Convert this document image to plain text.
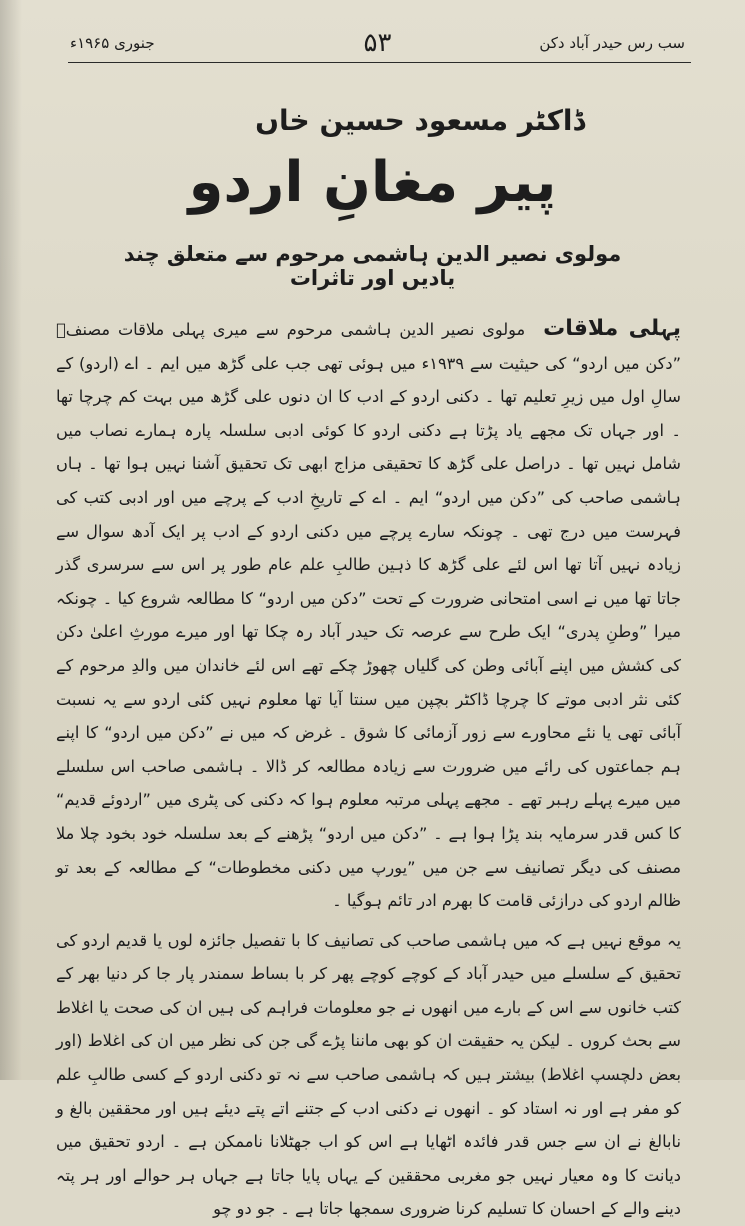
سب رس حیدر آباد دکن
۵۳
جنوری ۱۹۶۵ء
ڈاکٹر مسعود حسین خاں
پیر مغانِ اردو
مولوی نصیر الدین ہاشمی مرحوم سے متعلق چند یادیں اور تاثرات

پہلی ملاقات مولوی نصیر الدین ہاشمی مرحوم سے میری پہلی ملاقات مصنفؔ ”دکن میں اردو“ کی حیثیت سے ۱۹۳۹ء میں ہوئی تھی جب علی گڑھ میں ایم ۔ اے (اردو) کے سالِ اول میں زیرِ تعلیم تھا ۔ دکنی اردو کے ادب کا ان دنوں علی گڑھ میں بہت کم چرچا تھا ۔ اور جہاں تک مجھے یاد پڑتا ہے دکنی اردو کا کوئی ادبی سلسلہ پارہ ہمارے نصاب میں شامل نہیں تھا ۔ دراصل علی گڑھ کا تحقیقی مزاج ابھی تک تحقیق آشنا نہیں ہوا تھا ۔ ہاں ہاشمی صاحب کی ”دکن میں اردو“ ایم ۔ اے کے تاریخِ ادب کے پرچے میں اور ادبی کتب کی فہرست میں درج تھی ۔ چونکہ سارے پرچے میں دکنی اردو کے ادب پر ایک آدھ سوال سے زیادہ نہیں آتا تھا اس لئے علی گڑھ کا ذہین طالبِ علم عام طور پر اس سے سرسری گذر جاتا تھا میں نے اسی امتحانی ضرورت کے تحت ”دکن میں اردو“ کا مطالعہ شروع کیا ۔ چونکہ میرا ”وطنِ پدری“ ایک طرح سے عرصہ تک حیدر آباد رہ چکا تھا اور میرے مورثِ اعلیٰ دکن کی کشش میں اپنے آبائی وطن کی گلیاں چھوڑ چکے تھے اس لئے خاندان میں والدِ مرحوم کے کئی نثر ادبی موتے کا چرچا ڈاکٹر بچپن میں سنتا آیا تھا معلوم نہیں کئی اردو سے یہ نسبت آبائی تھی یا نئے محاورے سے زور آزمائی کا شوق ۔ غرض کہ میں نے ”دکن میں اردو“ کا اپنے ہم جماعتوں کی رائے میں ضرورت سے زیادہ مطالعہ کر ڈالا ۔ ہاشمی صاحب اس سلسلے میں میرے پہلے رہبر تھے ۔ مجھے پہلی مرتبہ معلوم ہوا کہ دکنی کی پٹری میں ”اردوئے قدیم“ کا کس قدر سرمایہ بند پڑا ہوا ہے ۔ ”دکن میں اردو“ پڑھنے کے بعد سلسلہ خود بخود چلا ملا مصنف کی دیگر تصانیف سے جن میں ”یورپ میں دکنی مخطوطات“ کے مطالعہ کے بعد تو ظالم اردو کی درازئی قامت کا بھرم ادر تائم ہوگیا ۔

یہ موقع نہیں ہے کہ میں ہاشمی صاحب کی تصانیف کا با تفصیل جائزہ لوں یا قدیم اردو کی تحقیق کے سلسلے میں حیدر آباد کے کوچے کوچے پھر کر با بساط سمندر پار جا کر دنیا بھر کے کتب خانوں سے اس کے بارے میں انھوں نے جو معلومات فراہم کی ہیں ان کی صحت یا اغلاط سے بحث کروں ۔ لیکن یہ حقیقت ان کو بھی ماننا پڑے گی جن کی نظر میں ان کی اغلاط (اور بعض دلچسپ اغلاط) بیشتر ہیں کہ ہاشمی صاحب سے نہ تو دکنی اردو کے کسی طالبِ علم کو مفر ہے اور نہ استاد کو ۔ انھوں نے دکنی ادب کے جتنے اتے پتے دیئے ہیں اور محققین بالغ و نابالغ نے ان سے جس قدر فائدہ اٹھایا ہے اس کو اب جھٹلانا ناممکن ہے ۔ اردو تحقیق میں دیانت کا وہ معیار نہیں جو مغربی محققین کے یہاں پایا جاتا ہے جہاں ہر حوالے اور ہر پتہ دینے والے کے احسان کا تسلیم کرنا ضروری سمجھا جاتا ہے ۔ جو دو چو
